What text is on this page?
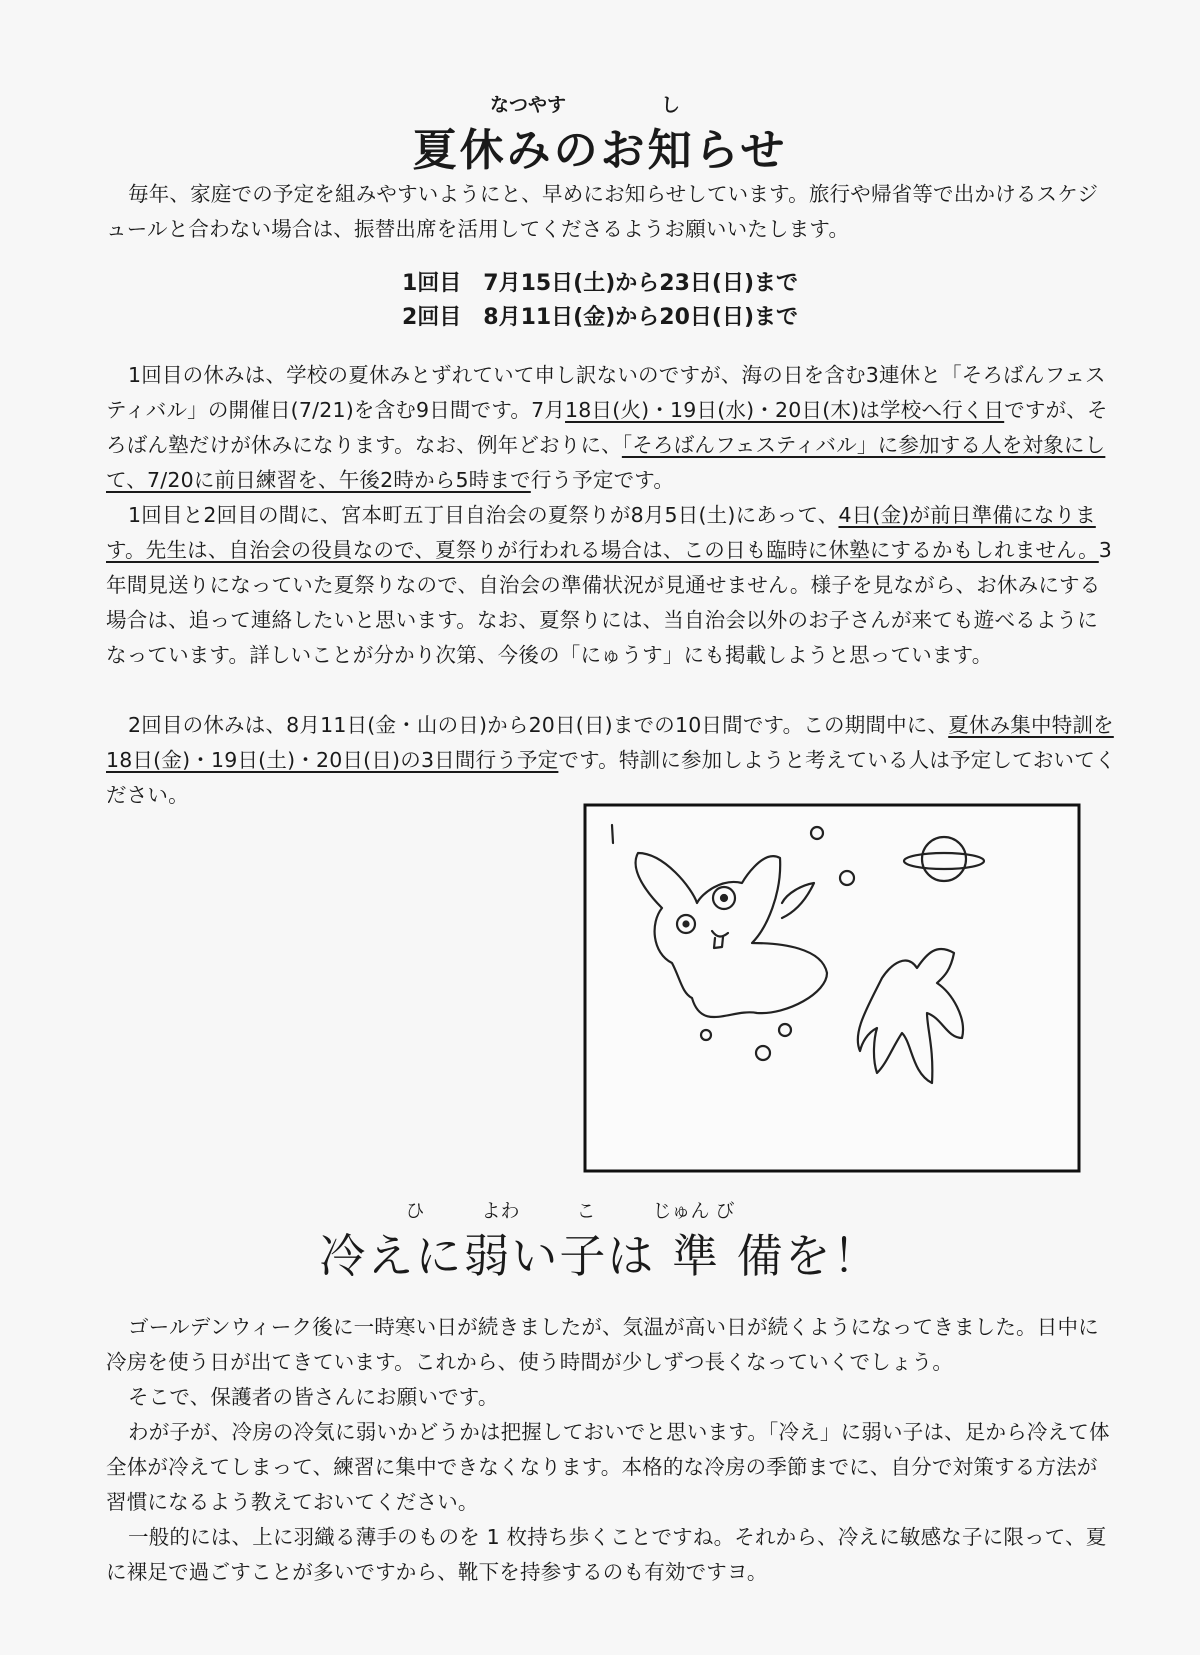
なつやす　　　　　し
夏休みのお知らせ

毎年、家庭での予定を組みやすいようにと、早めにお知らせしています。旅行や帰省等で出かけるスケジュールと合わない場合は、振替出席を活用してくださるようお願いいたします。

1回目　7月15日(土)から23日(日)まで
2回目　8月11日(金)から20日(日)まで

1回目の休みは、学校の夏休みとずれていて申し訳ないのですが、海の日を含む3連休と「そろばんフェスティバル」の開催日(7/21)を含む9日間です。7月18日(火)・19日(水)・20日(木)は学校へ行く日ですが、そろばん塾だけが休みになります。なお、例年どおりに、「そろばんフェスティバル」に参加する人を対象にして、7/20に前日練習を、午後2時から5時まで行う予定です。

1回目と2回目の間に、宮本町五丁目自治会の夏祭りが8月5日(土)にあって、4日(金)が前日準備になります。先生は、自治会の役員なので、夏祭りが行われる場合は、この日も臨時に休塾にするかもしれません。3年間見送りになっていた夏祭りなので、自治会の準備状況が見通せません。様子を見ながら、お休みにする場合は、追って連絡したいと思います。なお、夏祭りには、当自治会以外のお子さんが来ても遊べるようになっています。詳しいことが分かり次第、今後の「にゅうす」にも掲載しようと思っています。

2回目の休みは、8月11日(金・山の日)から20日(日)までの10日間です。この期間中に、夏休み集中特訓を18日(金)・19日(土)・20日(日)の3日間行う予定です。特訓に参加しようと考えている人は予定しておいてください。

ひ　　　よわ　　　こ　　　じゅん び
冷えに弱い子は 準 備を！

ゴールデンウィーク後に一時寒い日が続きましたが、気温が高い日が続くようになってきました。日中に冷房を使う日が出てきています。これから、使う時間が少しずつ長くなっていくでしょう。

そこで、保護者の皆さんにお願いです。

わが子が、冷房の冷気に弱いかどうかは把握しておいでと思います。「冷え」に弱い子は、足から冷えて体全体が冷えてしまって、練習に集中できなくなります。本格的な冷房の季節までに、自分で対策する方法が習慣になるよう教えておいてください。

一般的には、上に羽織る薄手のものを 1 枚持ち歩くことですね。それから、冷えに敏感な子に限って、夏に裸足で過ごすことが多いですから、靴下を持参するのも有効ですヨ。
